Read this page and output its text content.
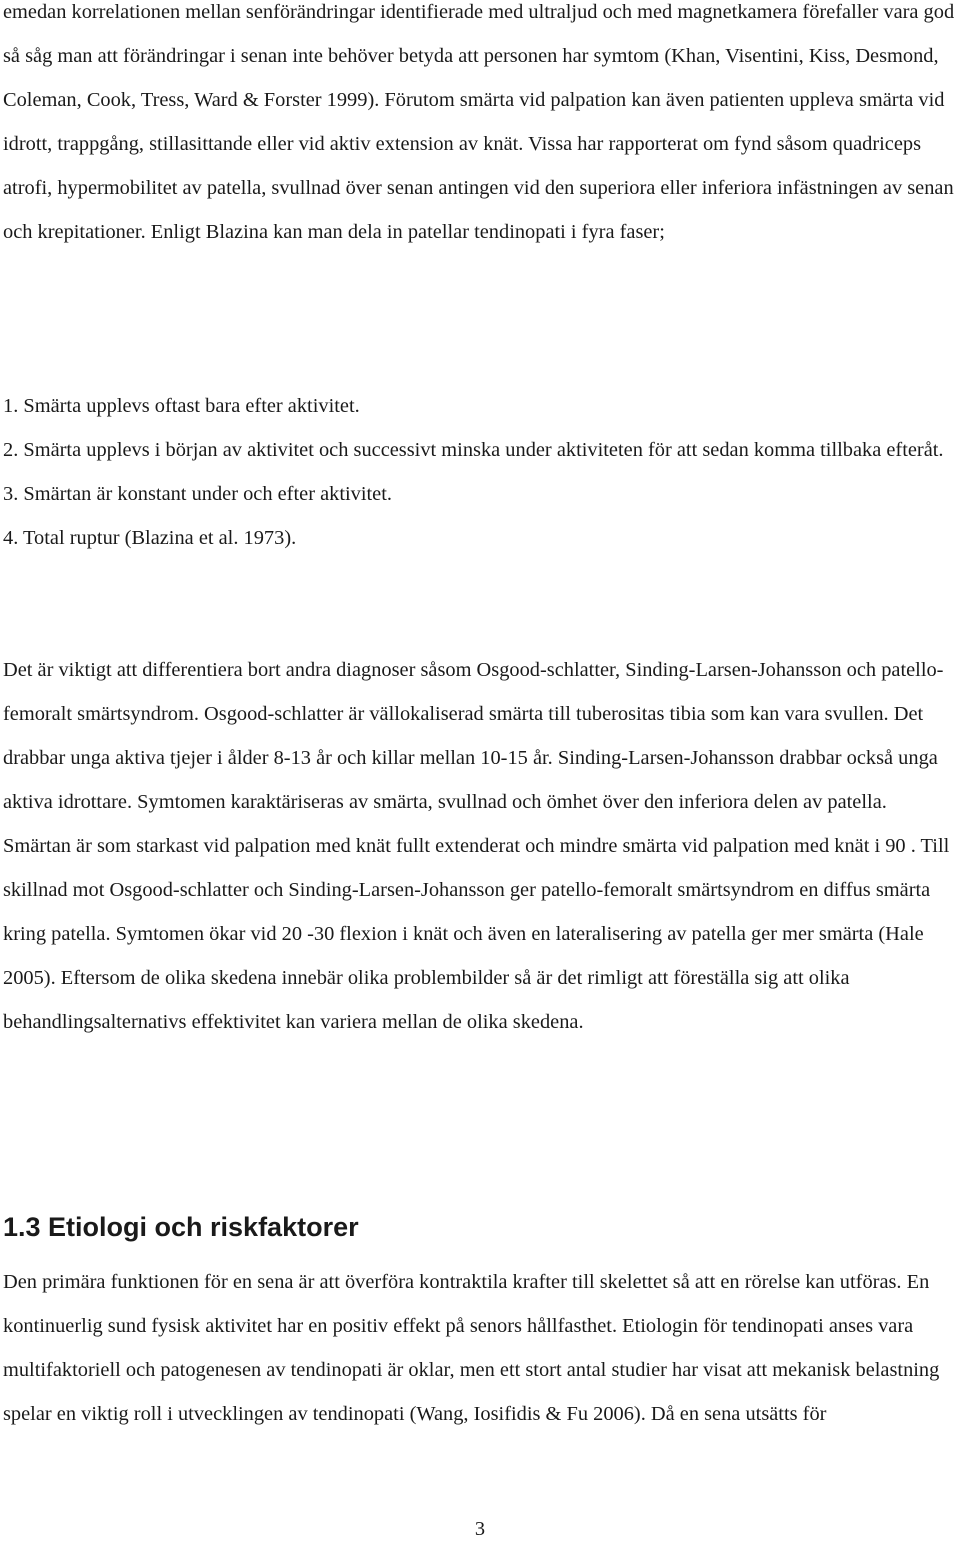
emedan korrelationen mellan senförändringar identifierade med ultraljud och med magnetkamera förefaller vara god så såg man att förändringar i senan inte behöver betyda att personen har symtom (Khan, Visentini, Kiss, Desmond, Coleman, Cook, Tress, Ward & Forster 1999). Förutom smärta vid palpation kan även patienten uppleva smärta vid idrott, trappgång, stillasittande eller vid aktiv extension av knät. Vissa har rapporterat om fynd såsom quadriceps atrofi, hypermobilitet av patella, svullnad över senan antingen vid den superiora eller inferiora infästningen av senan och krepitationer. Enligt Blazina kan man dela in patellar tendinopati i fyra faser;

1. Smärta upplevs oftast bara efter aktivitet.

2. Smärta upplevs i början av aktivitet och successivt minska under aktiviteten för att sedan komma tillbaka efteråt.

3. Smärtan är konstant under och efter aktivitet.

4. Total ruptur (Blazina et al. 1973).

Det är viktigt att differentiera bort andra diagnoser såsom Osgood-schlatter, Sinding-Larsen-Johansson och patello-femoralt smärtsyndrom. Osgood-schlatter är vällokaliserad smärta till tuberositas tibia som kan vara svullen. Det drabbar unga aktiva tjejer i ålder 8-13 år och killar mellan 10-15 år. Sinding-Larsen-Johansson drabbar också unga aktiva idrottare. Symtomen karaktäriseras av smärta, svullnad och ömhet över den inferiora delen av patella. Smärtan är som starkast vid palpation med knät fullt extenderat och mindre smärta vid palpation med knät i 90 . Till skillnad mot Osgood-schlatter och Sinding-Larsen-Johansson ger patello-femoralt smärtsyndrom en diffus smärta kring patella. Symtomen ökar vid 20 -30 flexion i knät och även en lateralisering av patella ger mer smärta (Hale 2005). Eftersom de olika skedena innebär olika problembilder så är det rimligt att föreställa sig att olika behandlingsalternativs effektivitet kan variera mellan de olika skedena.

1.3 Etiologi och riskfaktorer

Den primära funktionen för en sena är att överföra kontraktila krafter till skelettet så att en rörelse kan utföras. En kontinuerlig sund fysisk aktivitet har en positiv effekt på senors hållfasthet. Etiologin för tendinopati anses vara multifaktoriell och patogenesen av tendinopati är oklar, men ett stort antal studier har visat att mekanisk belastning spelar en viktig roll i utvecklingen av tendinopati (Wang, Iosifidis & Fu 2006). Då en sena utsätts för

3
